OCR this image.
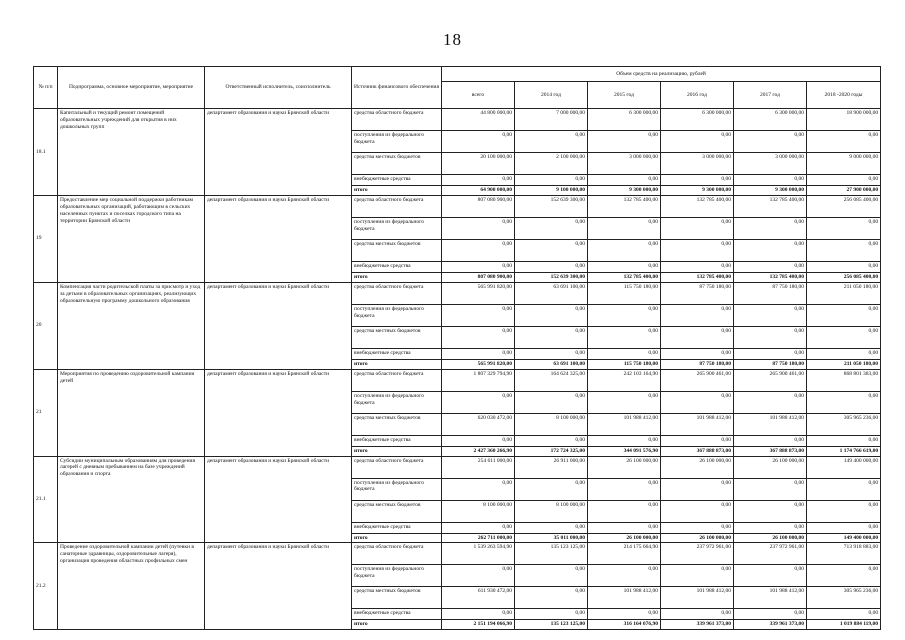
18
№ п/п	Подпрограмма, основное мероприятие, мероприятие	Ответственный исполнитель, соисполнитель	Источник финансового обеспечения	Объем средств на реализацию, рублей					
				всего	2014 год	2015 год	2016 год	2017 год	2018 -2020 годы
18.1	Капитальный и текущий ремонт помещений образовательных учреждений для открытия в них дошкольных групп	департамент образования и науки Брянской области	средства областного бюджета	44 800 000,00	7 000 000,00	6 300 000,00	6 300 000,00	6 300 000,00	18 900 000,00
			поступления из федерального бюджета	0,00	0,00	0,00	0,00	0,00	0,00
			средства местных бюджетов	20 100 000,00	2 100 000,00	3 000 000,00	3 000 000,00	3 000 000,00	9 000 000,00
			внебюджетные средства	0,00	0,00	0,00	0,00	0,00	0,00
			итого	64 900 000,00	9 100 000,00	9 300 000,00	9 300 000,00	9 300 000,00	27 900 000,00
19	Предоставление мер социальной поддержки работникам образовательных организаций, работающим в сельских населенных пунктах и поселках городского типа на территории Брянской области	департамент образования и науки Брянской области	средства областного бюджета	807 080 900,00	152 639 300,00	132 785 400,00	132 785 400,00	132 785 400,00	256 085 400,00
			поступления из федерального бюджета	0,00	0,00	0,00	0,00	0,00	0,00
			средства местных бюджетов	0,00	0,00	0,00	0,00	0,00	0,00
			внебюджетные средства	0,00	0,00	0,00	0,00	0,00	0,00
			итого	807 080 900,00	152 639 300,00	132 785 400,00	132 785 400,00	132 785 400,00	256 085 400,00
20	Компенсация части родительской платы за присмотр и уход за детьми в образовательных организациях, реализующих образовательную программу дошкольного образования	департамент образования и науки Брянской области	средства областного бюджета	565 991 820,00	63 691 100,00	115 750 180,00	87 750 180,00	87 750 180,00	211 050 180,00
			поступления из федерального бюджета	0,00	0,00	0,00	0,00	0,00	0,00
			средства местных бюджетов	0,00	0,00	0,00	0,00	0,00	0,00
			внебюджетные средства	0,00	0,00	0,00	0,00	0,00	0,00
			итого	565 991 820,00	63 691 100,00	115 750 180,00	87 750 180,00	87 750 180,00	211 050 180,00
21	Мероприятия по проведению оздоровительной кампании детей	департамент образования и науки Брянской области	средства областного бюджета	1 807 329 794,90	164 624 325,00	242 103 164,90	265 900 461,00	265 900 461,00	868 801 383,00
			поступления из федерального бюджета	0,00	0,00	0,00	0,00	0,00	0,00
			средства местных бюджетов	620 030 472,00	8 100 000,00	101 988 412,00	101 988 412,00	101 988 412,00	305 965 236,00
			внебюджетные средства	0,00	0,00	0,00	0,00	0,00	0,00
			итого	2 427 360 266,90	172 724 325,00	344 091 576,90	367 888 873,00	367 888 873,00	1 174 766 619,00
21.1	Субсидии муниципальным образованиям для проведения лагерей с дневным пребыванием на базе учреждений образования и спорта	департамент образования и науки Брянской области	средства областного бюджета	254 611 000,00	26 911 000,00	26 100 000,00	26 100 000,00	26 100 000,00	149 400 000,00
			поступления из федерального бюджета	0,00	0,00	0,00	0,00	0,00	0,00
			средства местных бюджетов	8 100 000,00	8 100 000,00	0,00	0,00	0,00	0,00
			внебюджетные средства	0,00	0,00	0,00	0,00	0,00	0,00
			итого	262 711 000,00	35 011 000,00	26 100 000,00	26 100 000,00	26 100 000,00	149 400 000,00
21.2	Проведение оздоровительной кампании детей (путевки в санаторные здравницы, оздоровительные лагеря), организация проведения областных профильных смен	департамент образования и науки Брянской области	средства областного бюджета	1 539 263 594,90	135 123 125,00	214 175 664,90	237 972 961,00	237 972 961,00	713 918 883,00
			поступления из федерального бюджета	0,00	0,00	0,00	0,00	0,00	0,00
			средства местных бюджетов	611 930 472,00	0,00	101 988 412,00	101 988 412,00	101 988 412,00	305 965 236,00
			внебюджетные средства	0,00	0,00	0,00	0,00	0,00	0,00
			итого	2 151 194 066,90	135 123 125,00	316 164 076,90	339 961 373,00	339 961 373,00	1 019 884 119,00
